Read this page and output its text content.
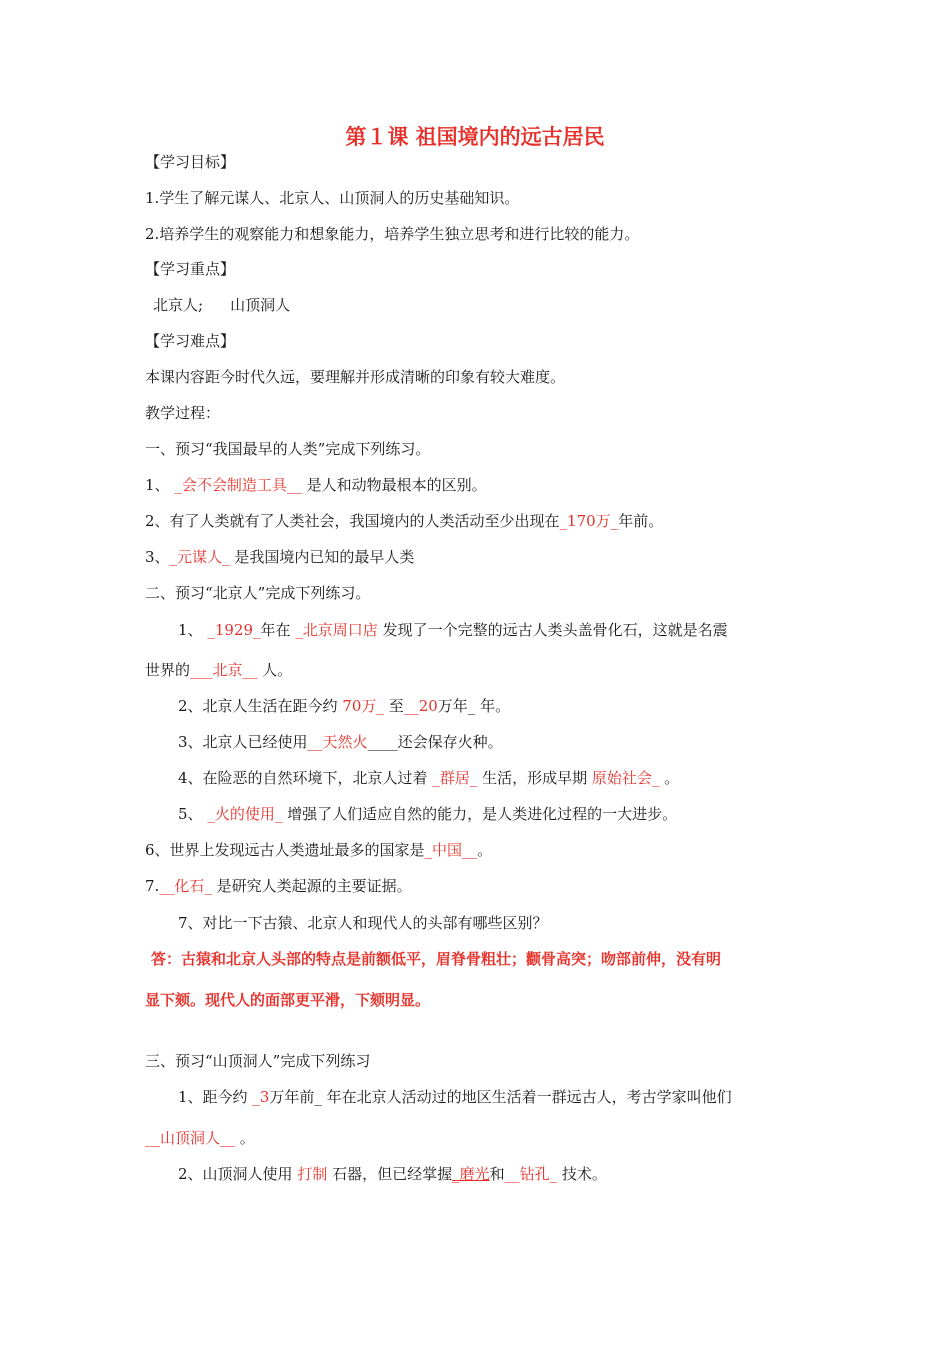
第１课 祖国境内的远古居民
【学习目标】
1.学生了解元谋人、北京人、山顶洞人的历史基础知识。
2.培养学生的观察能力和想象能力，培养学生独立思考和进行比较的能力。
【学习重点】
北京人; 山顶洞人
【学习难点】
本课内容距今时代久远，要理解并形成清晰的印象有较大难度。
教学过程：
一、预习“我国最早的人类”完成下列练习。
1、 _会不会制造工具__ 是人和动物最根本的区别。
2、有了人类就有了人类社会，我国境内的人类活动至少出现在_170万_年前。
3、_元谋人_ 是我国境内已知的最早人类
二、预习“北京人”完成下列练习。
1、 _1929_年在 _北京周口店 发现了一个完整的远古人类头盖骨化石，这就是名震
世界的___北京__ 人。
2、北京人生活在距今约 70万_ 至__20万年_ 年。
3、北京人已经使用__天然火____还会保存火种。
4、在险恶的自然环境下，北京人过着 _群居_ 生活，形成早期 原始社会_ 。
5、 _火的使用_ 增强了人们适应自然的能力，是人类进化过程的一大进步。
6、世界上发现远古人类遗址最多的国家是_中国__。
7.__化石_ 是研究人类起源的主要证据。
7、对比一下古猿、北京人和现代人的头部有哪些区别？
答：古猿和北京人头部的特点是前额低平，眉脊骨粗壮；颧骨高突；吻部前伸，没有明
显下颏。现代人的面部更平滑，下颏明显。
三、预习“山顶洞人”完成下列练习
1、距今约 _3万年前_ 年在北京人活动过的地区生活着一群远古人，考古学家叫他们
__山顶洞人__ 。
2、山顶洞人使用 打制 石器，但已经掌握_磨光和__钻孔_ 技术。
